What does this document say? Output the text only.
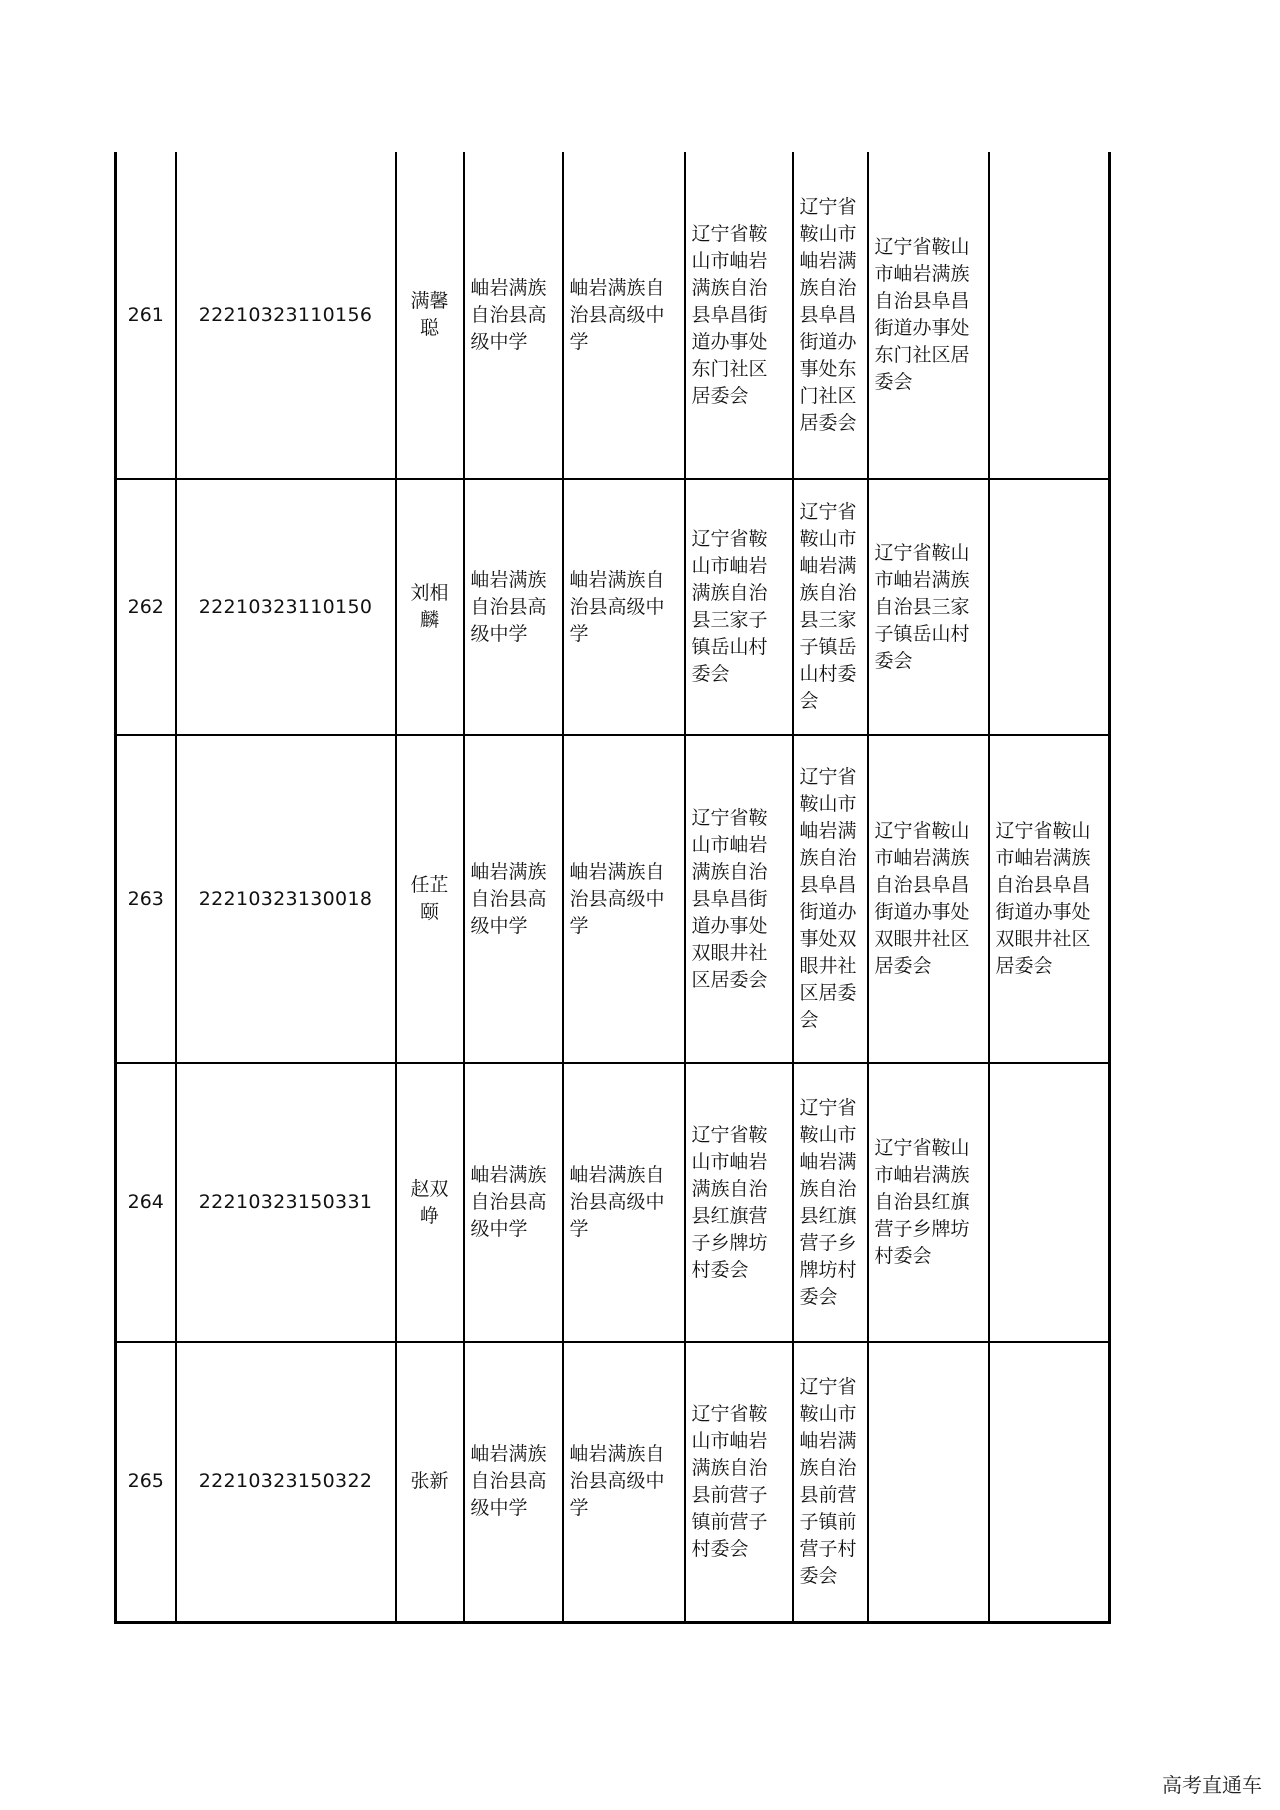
261	22210323110156	满馨聪	岫岩满族自治县高级中学	岫岩满族自治县高级中学	辽宁省鞍山市岫岩满族自治县阜昌街道办事处东门社区居委会	辽宁省鞍山市岫岩满族自治县阜昌街道办事处东门社区居委会	辽宁省鞍山市岫岩满族自治县阜昌街道办事处东门社区居委会	
262	22210323110150	刘相麟	岫岩满族自治县高级中学	岫岩满族自治县高级中学	辽宁省鞍山市岫岩满族自治县三家子镇岳山村委会	辽宁省鞍山市岫岩满族自治县三家子镇岳山村委会	辽宁省鞍山市岫岩满族自治县三家子镇岳山村委会	
263	22210323130018	任芷颐	岫岩满族自治县高级中学	岫岩满族自治县高级中学	辽宁省鞍山市岫岩满族自治县阜昌街道办事处双眼井社区居委会	辽宁省鞍山市岫岩满族自治县阜昌街道办事处双眼井社区居委会	辽宁省鞍山市岫岩满族自治县阜昌街道办事处双眼井社区居委会	辽宁省鞍山市岫岩满族自治县阜昌街道办事处双眼井社区居委会
264	22210323150331	赵双峥	岫岩满族自治县高级中学	岫岩满族自治县高级中学	辽宁省鞍山市岫岩满族自治县红旗营子乡牌坊村委会	辽宁省鞍山市岫岩满族自治县红旗营子乡牌坊村委会	辽宁省鞍山市岫岩满族自治县红旗营子乡牌坊村委会	
265	22210323150322	张新	岫岩满族自治县高级中学	岫岩满族自治县高级中学	辽宁省鞍山市岫岩满族自治县前营子镇前营子村委会	辽宁省鞍山市岫岩满族自治县前营子镇前营子村委会		
高考直通车
